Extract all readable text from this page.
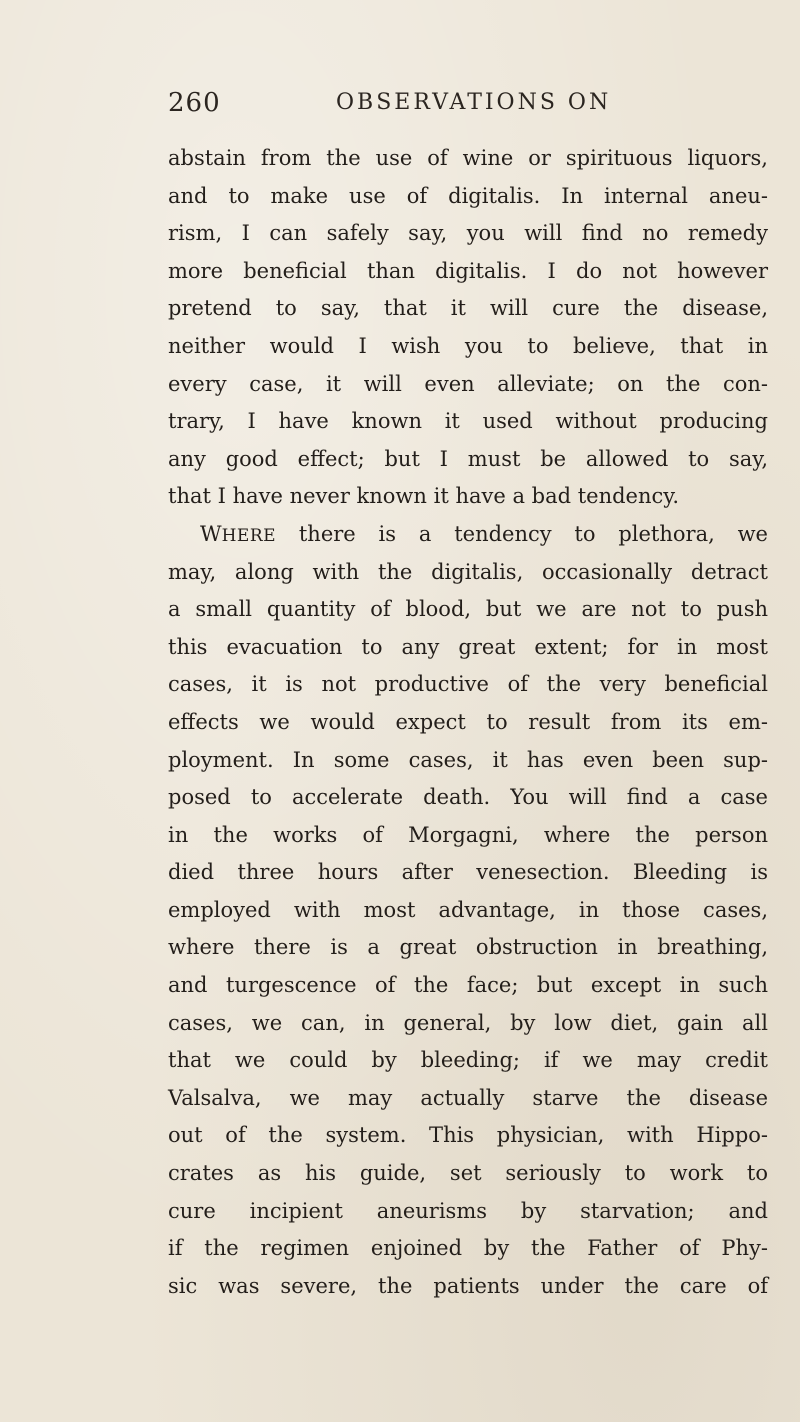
260	OBSERVATIONS ON
abstain from the use of wine or spirituous liquors,
and to make use of digitalis. In internal aneu-
rism, I can safely say, you will find no remedy
more beneficial than digitalis. I do not however
pretend to say, that it will cure the disease,
neither would I wish you to believe, that in
every case, it will even alleviate; on the con-
trary, I have known it used without producing
any good effect; but I must be allowed to say,
that I have never known it have a bad tendency.
WHERE there is a tendency to plethora, we
may, along with the digitalis, occasionally detract
a small quantity of blood, but we are not to push
this evacuation to any great extent; for in most
cases, it is not productive of the very beneficial
effects we would expect to result from its em-
ployment. In some cases, it has even been sup-
posed to accelerate death. You will find a case
in the works of Morgagni, where the person
died three hours after venesection. Bleeding is
employed with most advantage, in those cases,
where there is a great obstruction in breathing,
and turgescence of the face; but except in such
cases, we can, in general, by low diet, gain all
that we could by bleeding; if we may credit
Valsalva, we may actually starve the disease
out of the system. This physician, with Hippo-
crates as his guide, set seriously to work to
cure incipient aneurisms by starvation; and
if the regimen enjoined by the Father of Phy-
sic was severe, the patients under the care of
